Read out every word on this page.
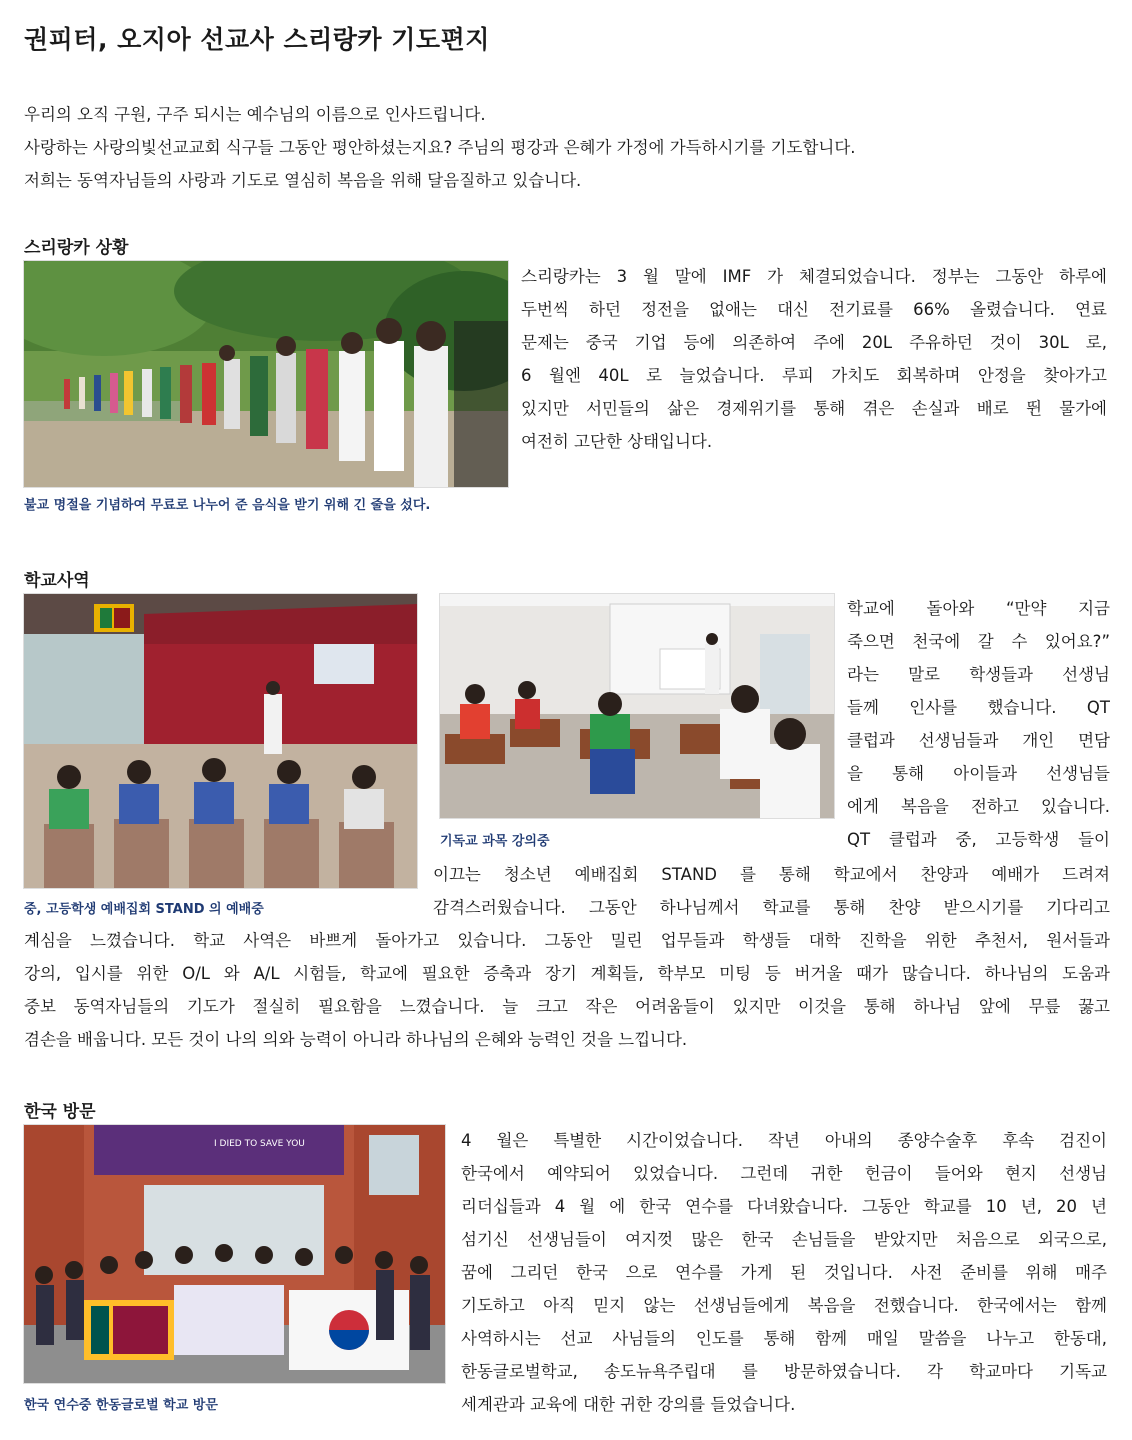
권피터, 오지아 선교사 스리랑카 기도편지
우리의 오직 구원, 구주 되시는 예수님의 이름으로 인사드립니다.
사랑하는 사랑의빛선교교회 식구들 그동안 평안하셨는지요? 주님의 평강과 은혜가 가정에 가득하시기를 기도합니다.
저희는 동역자님들의 사랑과 기도로 열심히 복음을 위해 달음질하고 있습니다.
스리랑카 상황
불교 명절을 기념하여 무료로 나누어 준 음식을 받기 위해 긴 줄을 섰다.
스리랑카는 3 월 말에 IMF 가 체결되었습니다. 정부는 그동안 하루에
두번씩 하던 정전을 없애는 대신 전기료를 66% 올렸습니다. 연료
문제는 중국 기업 등에 의존하여 주에 20L 주유하던 것이 30L 로,
6 월엔 40L 로 늘었습니다. 루피 가치도 회복하며 안정을 찾아가고
있지만 서민들의 삶은 경제위기를 통해 겪은 손실과 배로 뛴 물가에
여전히 고단한 상태입니다.
학교사역
중, 고등학생 예배집회 STAND 의 예배중
기독교 과목 강의중
학교에 돌아와 “만약 지금
죽으면 천국에 갈 수 있어요?”
라는 말로 학생들과 선생님
들께 인사를 했습니다. QT
클럽과 선생님들과 개인 면담
을 통해 아이들과 선생님들
에게 복음을 전하고 있습니다.
QT 클럽과 중, 고등학생 들이
이끄는 청소년 예배집회 STAND 를 통해 학교에서 찬양과 예배가 드려져
감격스러웠습니다. 그동안 하나님께서 학교를 통해 찬양 받으시기를 기다리고
계심을 느꼈습니다. 학교 사역은 바쁘게 돌아가고 있습니다. 그동안 밀린 업무들과 학생들 대학 진학을 위한 추천서, 원서들과
강의, 입시를 위한 O/L 와 A/L 시험들, 학교에 필요한 증축과 장기 계획들, 학부모 미팅 등 버거울 때가 많습니다. 하나님의 도움과
중보 동역자님들의 기도가 절실히 필요함을 느꼈습니다. 늘 크고 작은 어려움들이 있지만 이것을 통해 하나님 앞에 무릎 꿇고
겸손을 배웁니다. 모든 것이 나의 의와 능력이 아니라 하나님의 은혜와 능력인 것을 느낍니다.
한국 방문
I DIED TO SAVE YOU
한국 연수중 한동글로벌 학교 방문
4 월은 특별한 시간이었습니다. 작년 아내의 종양수술후 후속 검진이
한국에서 예약되어 있었습니다. 그런데 귀한 헌금이 들어와 현지 선생님
리더십들과 4 월 에 한국 연수를 다녀왔습니다. 그동안 학교를 10 년, 20 년
섬기신 선생님들이 여지껏 많은 한국 손님들을 받았지만 처음으로 외국으로,
꿈에 그리던 한국 으로 연수를 가게 된 것입니다. 사전 준비를 위해 매주
기도하고 아직 믿지 않는 선생님들에게 복음을 전했습니다. 한국에서는 함께
사역하시는 선교 사님들의 인도를 통해 함께 매일 말씀을 나누고 한동대,
한동글로벌학교, 송도뉴욕주립대 를 방문하였습니다. 각 학교마다 기독교
세계관과 교육에 대한 귀한 강의를 들었습니다.
